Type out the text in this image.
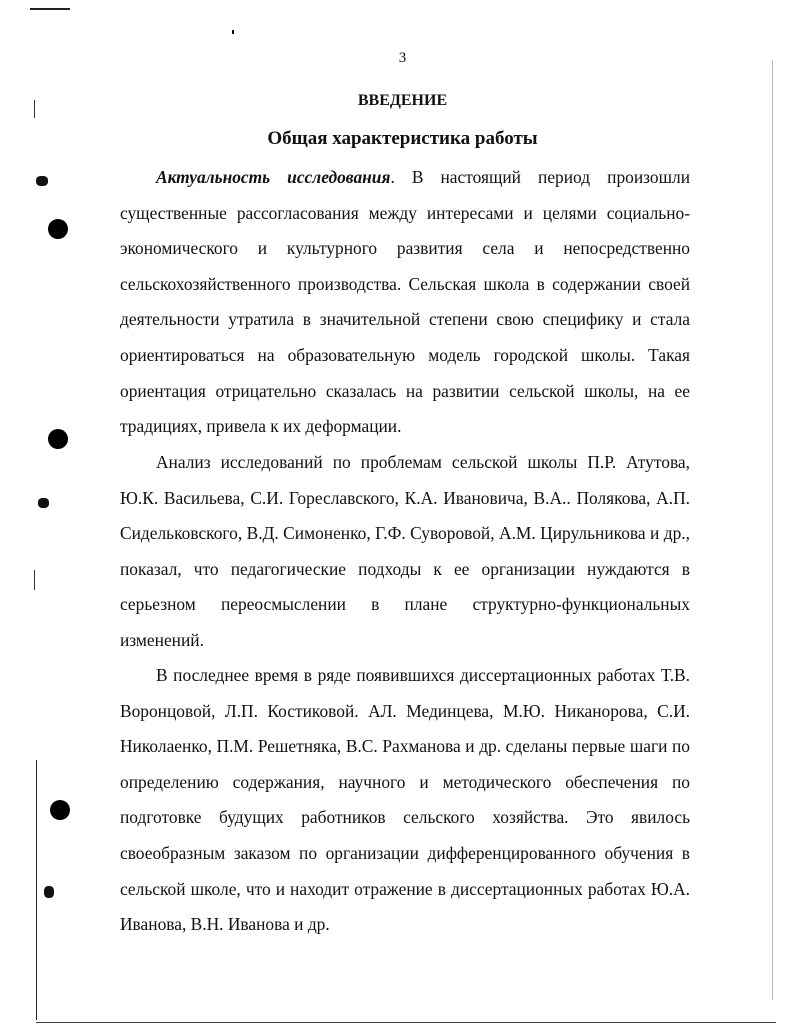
3
ВВЕДЕНИЕ
Общая характеристика работы

Актуальность исследования. В настоящий период произошли существенные рассогласования между интересами и целями социально-экономического и культурного развития села и непосредственно сельскохозяйственного производства. Сельская школа в содержании своей деятельности утратила в значительной степени свою специфику и стала ориентироваться на образовательную модель городской школы. Такая ориентация отрицательно сказалась на развитии сельской школы, на ее традициях, привела к их деформации.

Анализ исследований по проблемам сельской школы П.Р. Атутова, Ю.К. Васильева, С.И. Гореславского, К.А. Ивановича, В.А.. Полякова, А.П. Сидельковского, В.Д. Симоненко, Г.Ф. Суворовой, А.М. Цирульникова и др., показал, что педагогические подходы к ее организации нуждаются в серьезном переосмыслении в плане структурно-функциональных изменений.

В последнее время в ряде появившихся диссертационных работах Т.В. Воронцовой, Л.П. Костиковой. АЛ. Мединцева, М.Ю. Никанорова, С.И. Николаенко, П.М. Решетняка, В.С. Рахманова и др. сделаны первые шаги по определению содержания, научного и методического обеспечения по подготовке будущих работников сельского хозяйства. Это явилось своеобразным заказом по организации дифференцированного обучения в сельской школе, что и находит отражение в диссертационных работах Ю.А. Иванова, В.Н. Иванова и др.
